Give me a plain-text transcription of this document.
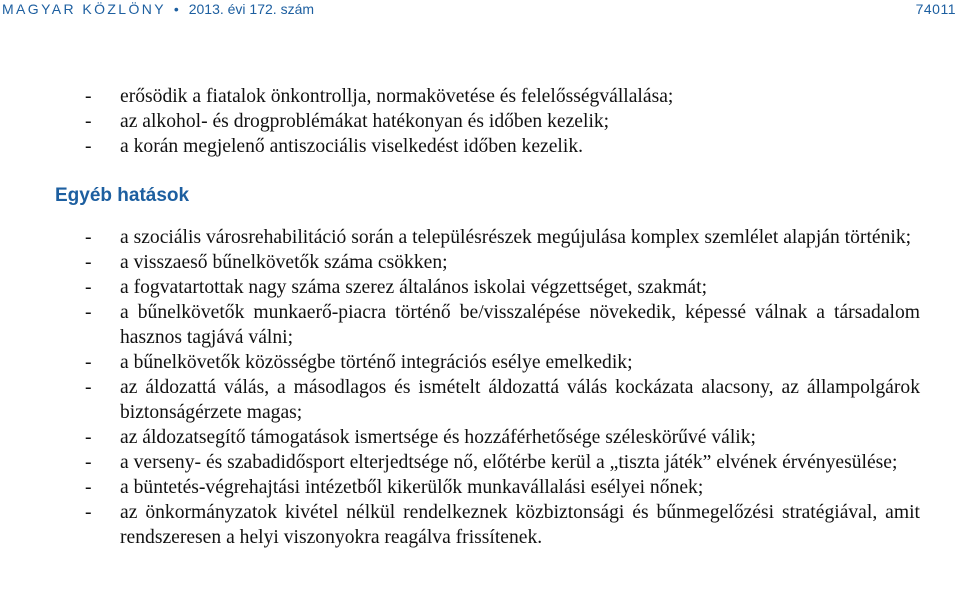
MAGYAR KÖZLÖNY • 2013. évi 172. szám	74011
- erősödik a fiatalok önkontrollja, normakövetése és felelősségvállalása;
- az alkohol- és drogproblémákat hatékonyan és időben kezelik;
- a korán megjelenő antiszociális viselkedést időben kezelik.
Egyéb hatások
- a szociális városrehabilitáció során a településrészek megújulása komplex szemlélet alapján történik;
- a visszaeső bűnelkövetők száma csökken;
- a fogvatartottak nagy száma szerez általános iskolai végzettséget, szakmát;
- a bűnelkövetők munkaerő-piacra történő be/visszalépése növekedik, képessé válnak a társadalom hasznos tagjává válni;
- a bűnelkövetők közösségbe történő integrációs esélye emelkedik;
- az áldozattá válás, a másodlagos és ismételt áldozattá válás kockázata alacsony, az állampolgárok biztonságérzete magas;
- az áldozatsegítő támogatások ismertsége és hozzáférhetősége széleskörűvé válik;
- a verseny- és szabadidősport elterjedtsége nő, előtérbe kerül a „tiszta játék” elvének érvényesülése;
- a büntetés-végrehajtási intézetből kikerülők munkavállalási esélyei nőnek;
- az önkormányzatok kivétel nélkül rendelkeznek közbiztonsági és bűnmegelőzési stratégiával, amit rendszeresen a helyi viszonyokra reagálva frissítenek.
